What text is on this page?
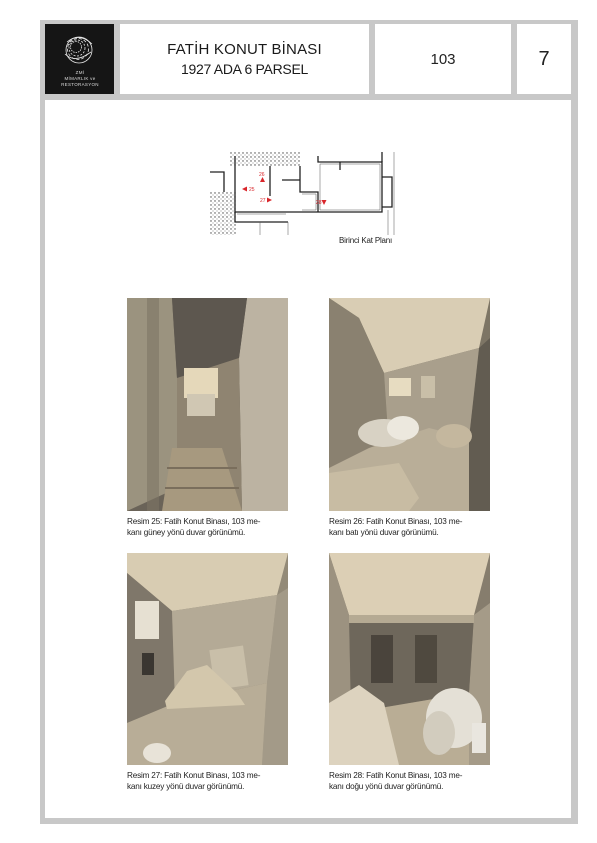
ZMİ
MİMARLIK ve
RESTORASYON
FATİH KONUT BİNASI
1927 ADA 6 PARSEL
103	7
25
26
27	28
Birinci Kat Planı
Resim 25: Fatih Konut Binası, 103 me-
kanı güney yönü duvar görünümü.
Resim 26: Fatih Konut Binası, 103 me-
kanı batı yönü duvar görünümü.
Resim 27: Fatih Konut Binası, 103 me-
kanı kuzey yönü duvar görünümü.
Resim 28: Fatih Konut Binası, 103 me-
kanı doğu yönü duvar görünümü.
